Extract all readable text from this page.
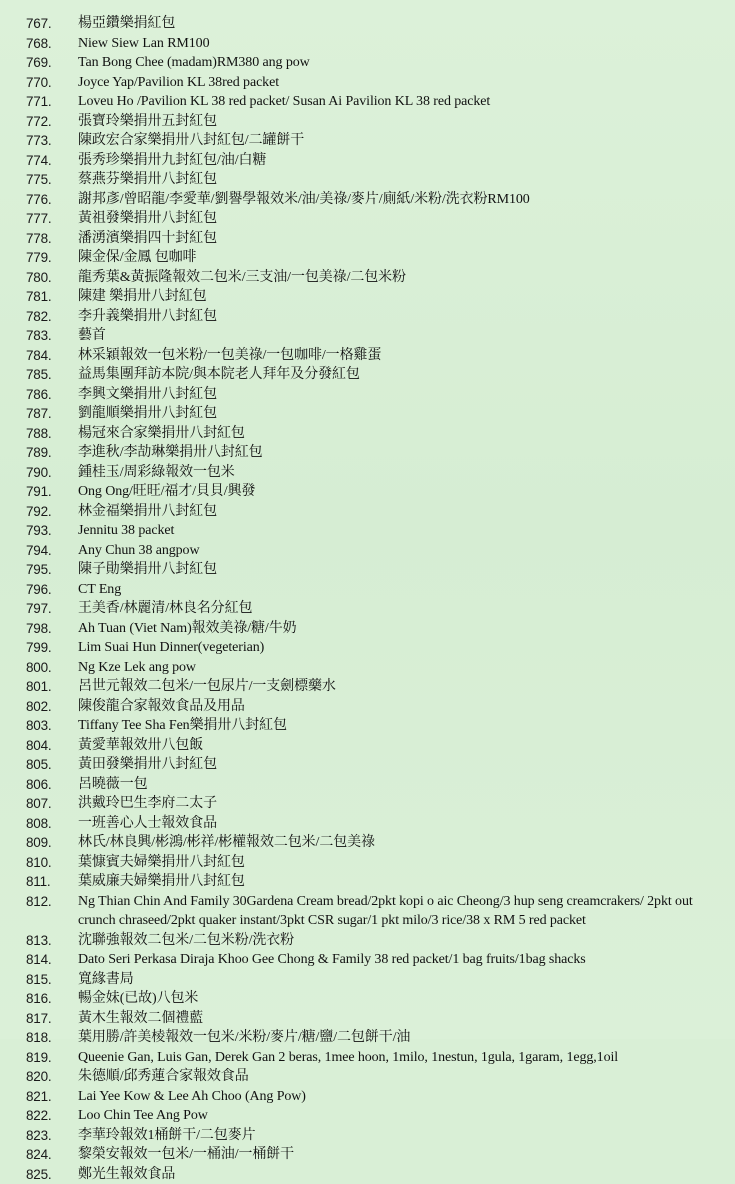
767.	楊亞鑽樂捐紅包
768.	Niew Siew Lan RM100
769.	Tan Bong Chee (madam)RM380 ang pow
770.	Joyce Yap/Pavilion KL 38red packet
771.	Loveu Ho /Pavilion KL 38 red packet/ Susan Ai Pavilion KL 38 red packet
772.	張寶玲樂捐卅五封紅包
773.	陳政宏合家樂捐卅八封紅包/二罐餅干
774.	張秀珍樂捐卅九封紅包/油/白糖
775.	蔡燕芬樂捐卅八封紅包
776.	謝邦彥/曾昭龍/李愛華/劉譽學報效米/油/美祿/麥片/廁紙/米粉/洗衣粉RM100
777.	黃祖發樂捐卅八封紅包
778.	潘湧濱樂捐四十封紅包
779.	陳金保/金鳳 包咖啡
780.	龍秀葉&黃振隆報效二包米/三支油/一包美祿/二包米粉
781.	陳建 樂捐卅八封紅包
782.	李升義樂捐卅八封紅包
783.	藝首
784.	林采穎報效一包米粉/一包美祿/一包咖啡/一格雞蛋
785.	益馬集團拜訪本院/與本院老人拜年及分發紅包
786.	李興文樂捐卅八封紅包
787.	劉龍順樂捐卅八封紅包
788.	楊冠來合家樂捐卅八封紅包
789.	李進秋/李劼琳樂捐卅八封紅包
790.	鍾桂玉/周彩綠報效一包米
791.	Ong Ong/旺旺/福才/貝貝/興發
792.	林金福樂捐卅八封紅包
793.	Jennitu 38 packet
794.	Any Chun 38 angpow
795.	陳子勛樂捐卅八封紅包
796.	CT Eng
797.	王美香/林麗清/林良名分紅包
798.	Ah Tuan (Viet Nam)報效美祿/糖/牛奶
799.	Lim Suai Hun Dinner(vegeterian)
800.	Ng Kze Lek ang pow
801.	呂世元報效二包米/一包尿片/一支劍標藥水
802.	陳俊龍合家報效食品及用品
803.	Tiffany Tee Sha Fen樂捐卅八封紅包
804.	黃愛華報效卅八包飯
805.	黃田發樂捐卅八封紅包
806.	呂曉薇一包
807.	洪戴玲巴生李府二太子
808.	一班善心人士報效食品
809.	林氏/林良興/彬鴻/彬祥/彬權報效二包米/二包美祿
810.	葉慷賓夫婦樂捐卅八封紅包
811.	葉威廉夫婦樂捐卅八封紅包
812.	Ng Thian Chin And Family 30Gardena Cream bread/2pkt kopi o aic Cheong/3 hup seng creamcrakers/ 2pkt out crunch chraseed/2pkt quaker instant/3pkt CSR sugar/1 pkt milo/3 rice/38 x RM 5 red packet
813.	沈聯強報效二包米/二包米粉/洗衣粉
814.	Dato Seri Perkasa Diraja Khoo Gee Chong & Family 38 red packet/1 bag fruits/1bag shacks
815.	寬緣書局
816.	暢金妹(已故)八包米
817.	黃木生報效二個禮藍
818.	葉用勝/許美棱報效一包米/米粉/麥片/糖/鹽/二包餅干/油
819.	Queenie Gan, Luis Gan, Derek Gan 2 beras, 1mee hoon, 1milo, 1nestun, 1gula, 1garam, 1egg,1oil
820.	朱德順/邱秀蓮合家報效食品
821.	Lai Yee Kow & Lee Ah Choo (Ang Pow)
822.	Loo Chin Tee Ang Pow
823.	李華玲報效1桶餅干/二包麥片
824.	黎榮安報效一包米/一桶油/一桶餅干
825.	鄭光生報效食品
